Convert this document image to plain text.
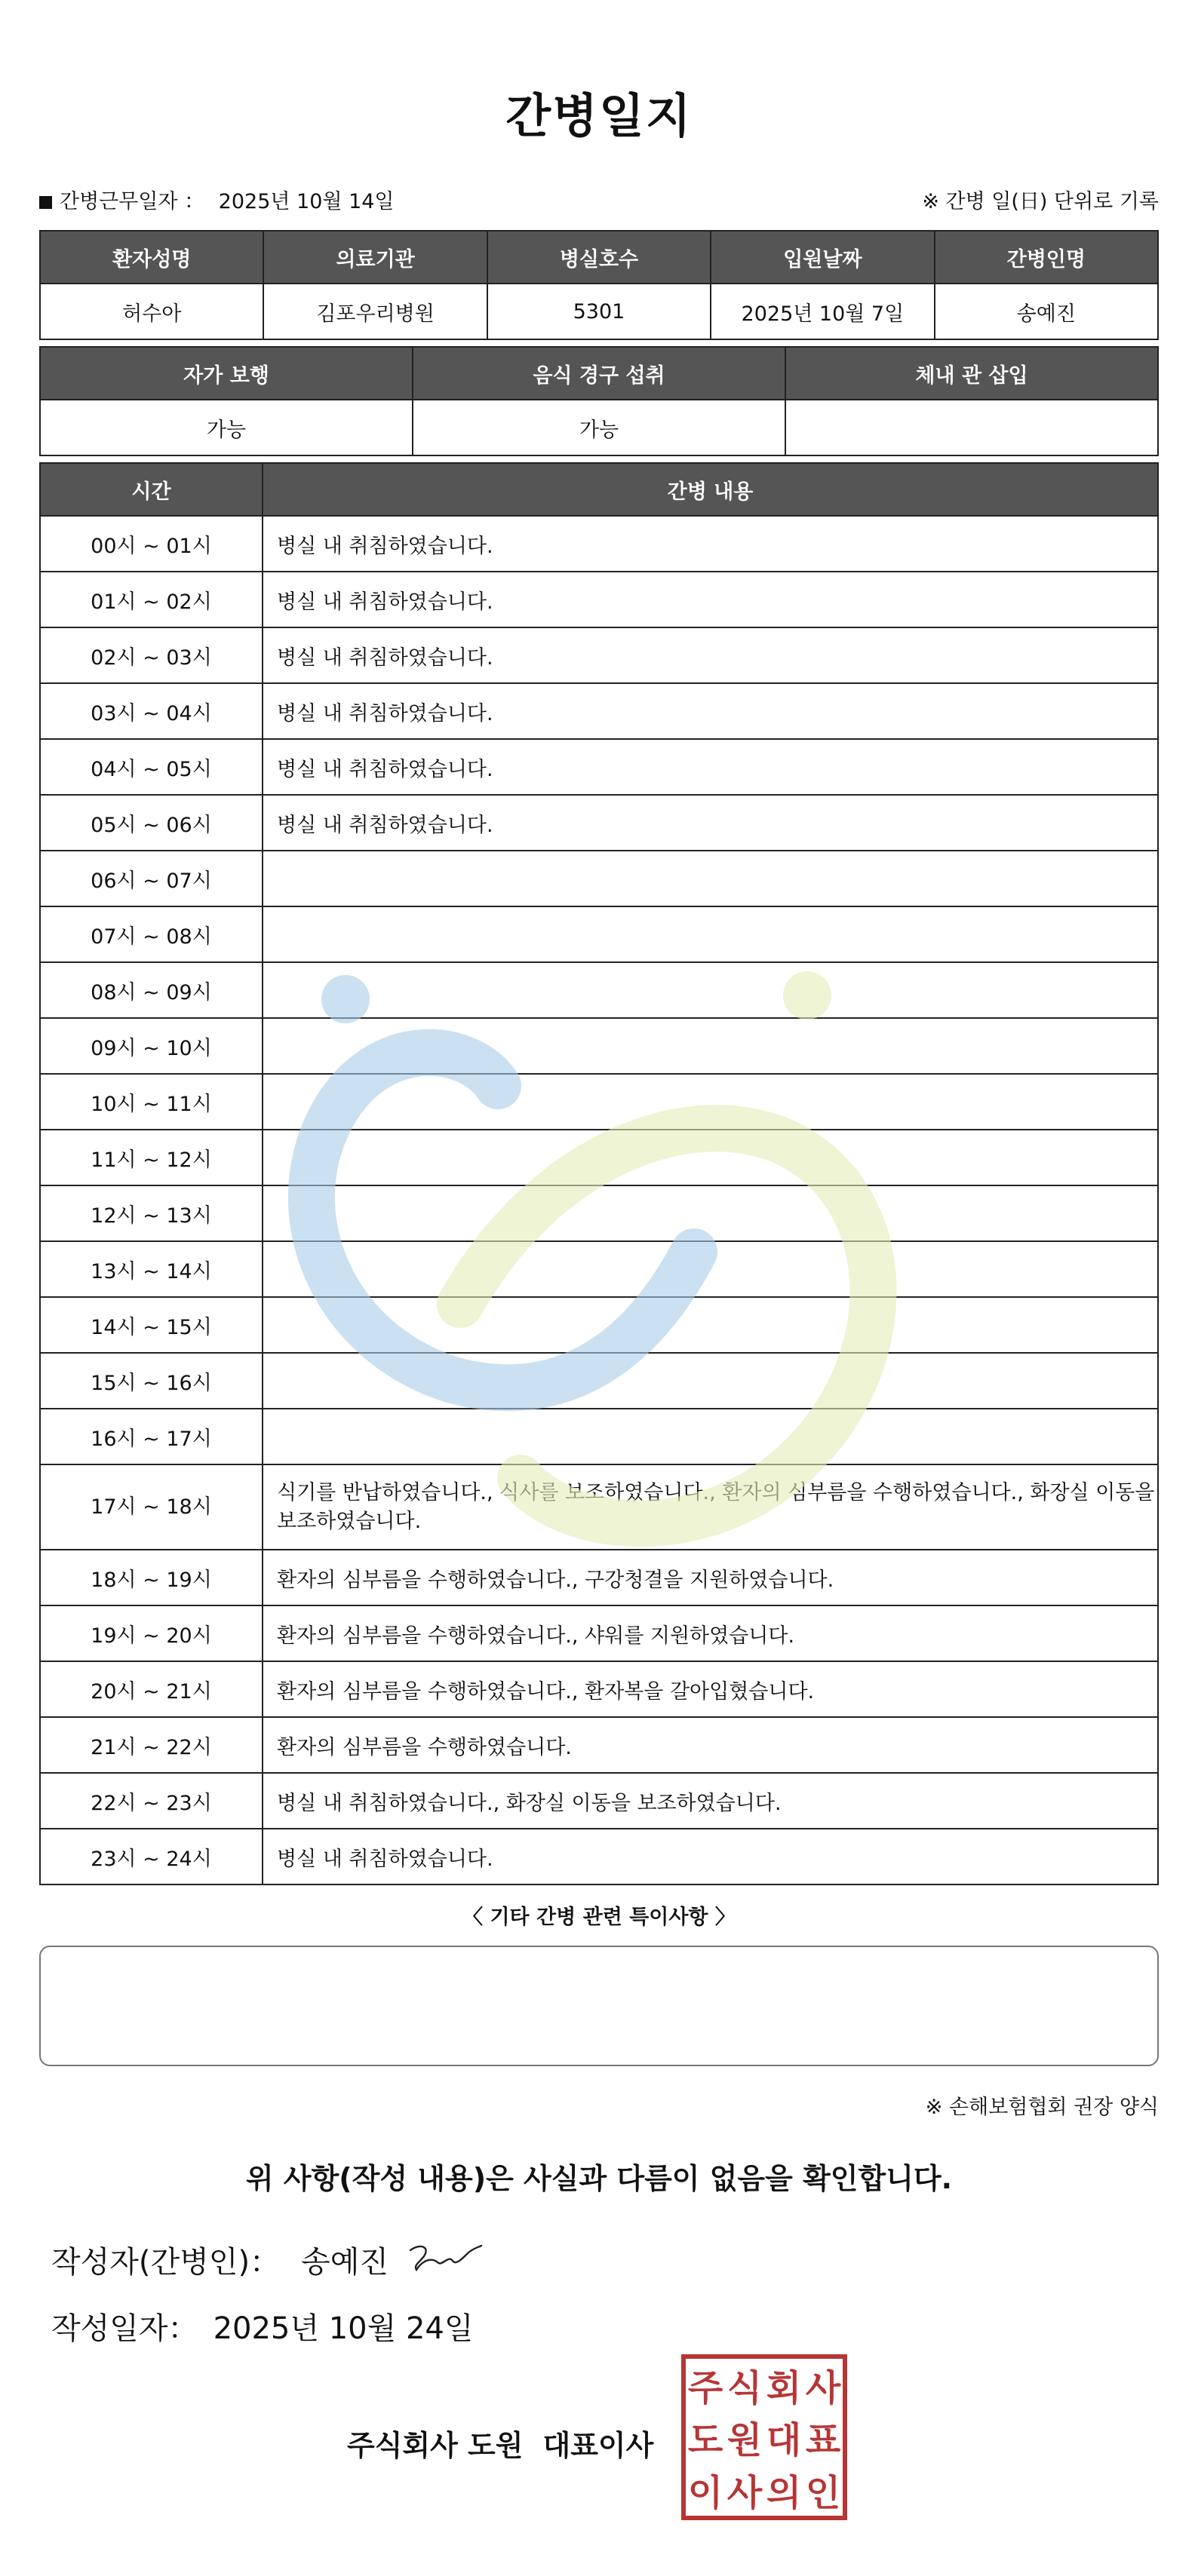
간병일지
간병근무일자 ： 2025년 10월 14일	※ 간병 일(日) 단위로 기록
환자성명	의료기관	병실호수	입원날짜	간병인명
허수아	김포우리병원	5301	2025년 10월 7일	송예진
자가 보행	음식 경구 섭취	체내 관 삽입
가능	가능	
시간	간병 내용
00시 ~ 01시	병실 내 취침하였습니다.
01시 ~ 02시	병실 내 취침하였습니다.
02시 ~ 03시	병실 내 취침하였습니다.
03시 ~ 04시	병실 내 취침하였습니다.
04시 ~ 05시	병실 내 취침하였습니다.
05시 ~ 06시	병실 내 취침하였습니다.
06시 ~ 07시	
07시 ~ 08시	
08시 ~ 09시	
09시 ~ 10시	
10시 ~ 11시	
11시 ~ 12시	
12시 ~ 13시	
13시 ~ 14시	
14시 ~ 15시	
15시 ~ 16시	
16시 ~ 17시	
17시 ~ 18시	식기를 반납하였습니다., 식사를 보조하였습니다., 환자의 심부름을 수행하였습니다., 화장실 이동을 보조하였습니다.
18시 ~ 19시	환자의 심부름을 수행하였습니다., 구강청결을 지원하였습니다.
19시 ~ 20시	환자의 심부름을 수행하였습니다., 샤워를 지원하였습니다.
20시 ~ 21시	환자의 심부름을 수행하였습니다., 환자복을 갈아입혔습니다.
21시 ~ 22시	환자의 심부름을 수행하였습니다.
22시 ~ 23시	병실 내 취침하였습니다., 화장실 이동을 보조하였습니다.
23시 ~ 24시	병실 내 취침하였습니다.
〈 기타 간병 관련 특이사항 〉
※ 손해보험협회 권장 양식
위 사항(작성 내용)은 사실과 다름이 없음을 확인합니다.
작성자(간병인)： 송예진
작성일자： 2025년 10월 24일
주식회사 도원 대표이사
주 식 회 사
도 원 대 표
이 사 의 인
